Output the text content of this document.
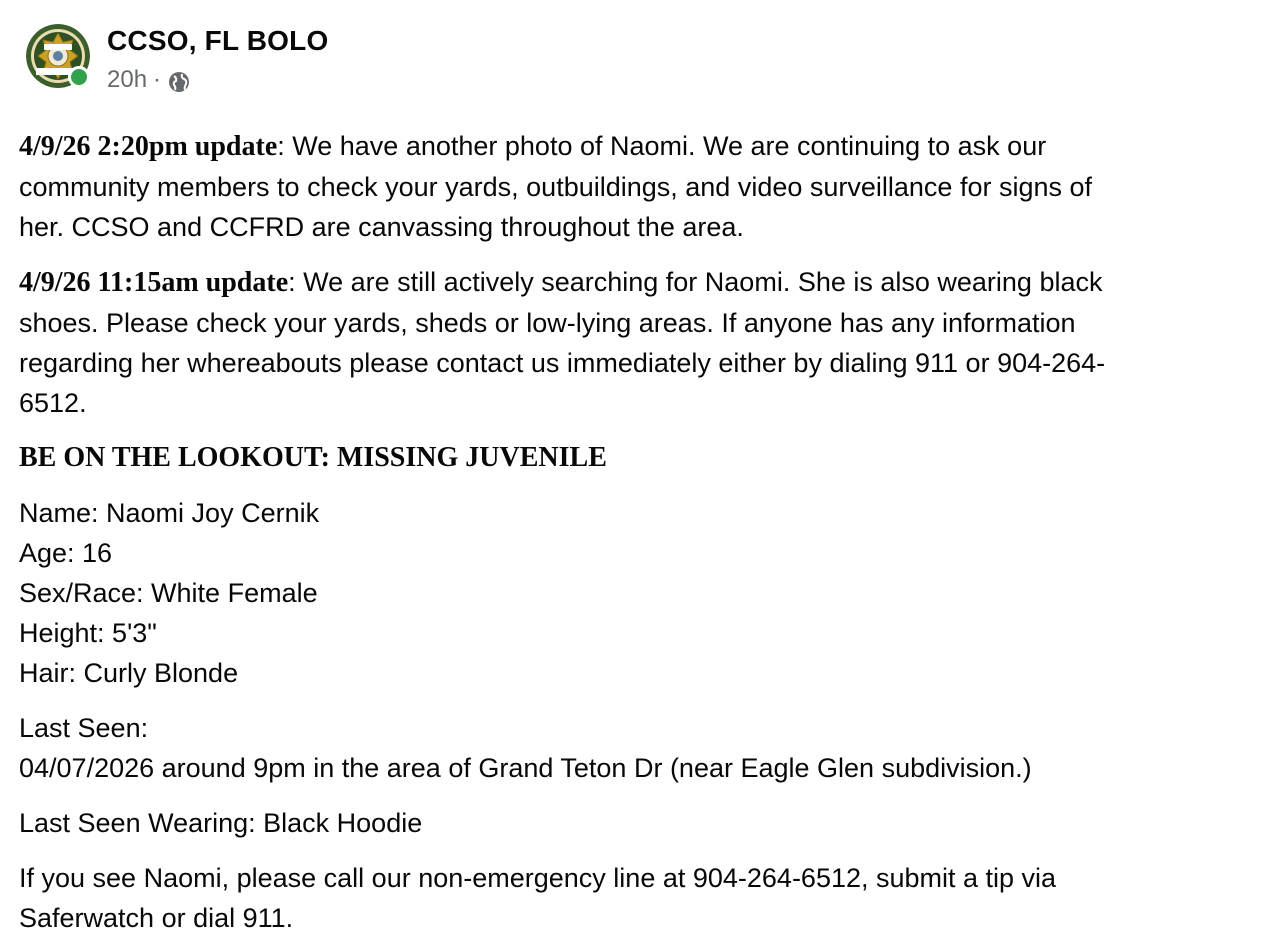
CCSO, FL BOLO
20h ·

4/9/26 2:20pm update: We have another photo of Naomi. We are continuing to ask our
community members to check your yards, outbuildings, and video surveillance for signs of
her. CCSO and CCFRD are canvassing throughout the area.

4/9/26 11:15am update: We are still actively searching for Naomi. She is also wearing black
shoes. Please check your yards, sheds or low-lying areas. If anyone has any information
regarding her whereabouts please contact us immediately either by dialing 911 or 904-264-
6512.

BE ON THE LOOKOUT: MISSING JUVENILE

Name: Naomi Joy Cernik
Age: 16
Sex/Race: White Female
Height: 5'3"
Hair: Curly Blonde

Last Seen:
04/07/2026 around 9pm in the area of Grand Teton Dr (near Eagle Glen subdivision.)

Last Seen Wearing: Black Hoodie

If you see Naomi, please call our non-emergency line at 904-264-6512, submit a tip via
Saferwatch or dial 911.
